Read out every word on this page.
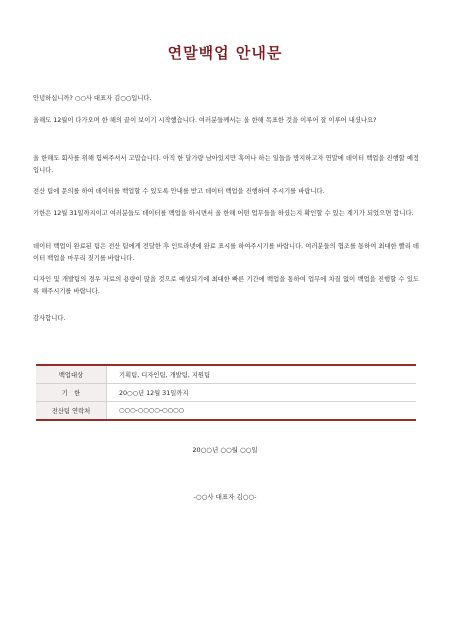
연말백업 안내문

안녕하십니까? ○○사 대표자 김○○입니다.

올해도 12월이 다가오며 한 해의 끝이 보이기 시작했습니다. 여러분들께서는 올 한해 목표한 것을 이루어 잘 이루어 내셨나요?

올 한해도 회사를 위해 힘써주셔서 고맙습니다. 아직 한 달가량 남아있지만 혹여나 하는 일들을 방지하고자 연말에 데이터 백업을 진행할 예정입니다.

전산 팀에 문의를 하여 데이터를 백업할 수 있도록 안내를 받고 데이터 백업을 진행하여 주시기를 바랍니다.

기한은 12월 31일까지이고 여러분들도 데이터를 백업을 하시면서 올 한해 어떤 업무들을 하셨는지 확인할 수 있는 계기가 되었으면 합니다.

데이터 백업이 완료된 팀은 전산 팀에게 전달한 후 인트라넷에 완료 표시를 하여주시기를 바랍니다. 여러분들의 협조를 통하여 최대한 빨리 데이터 백업을 마무리 짓기를 바랍니다.

디자인 및 개발팀의 경우 자료의 용량이 많을 것으로 예상되기에 최대한 빠른 기간에 백업을 통하여 업무에 차질 없이 백업을 진행할 수 있도록 해주시기를 바랍니다.

감사합니다.

백업대상	기획팀, 디자인팀, 개발팀, 지원팀
기　한	20○○년 12월 31일까지
전산팀 연락처	○○○-○○○○-○○○○
20○○년 ○○월 ○○일
-○○사 대표자 김○○-
